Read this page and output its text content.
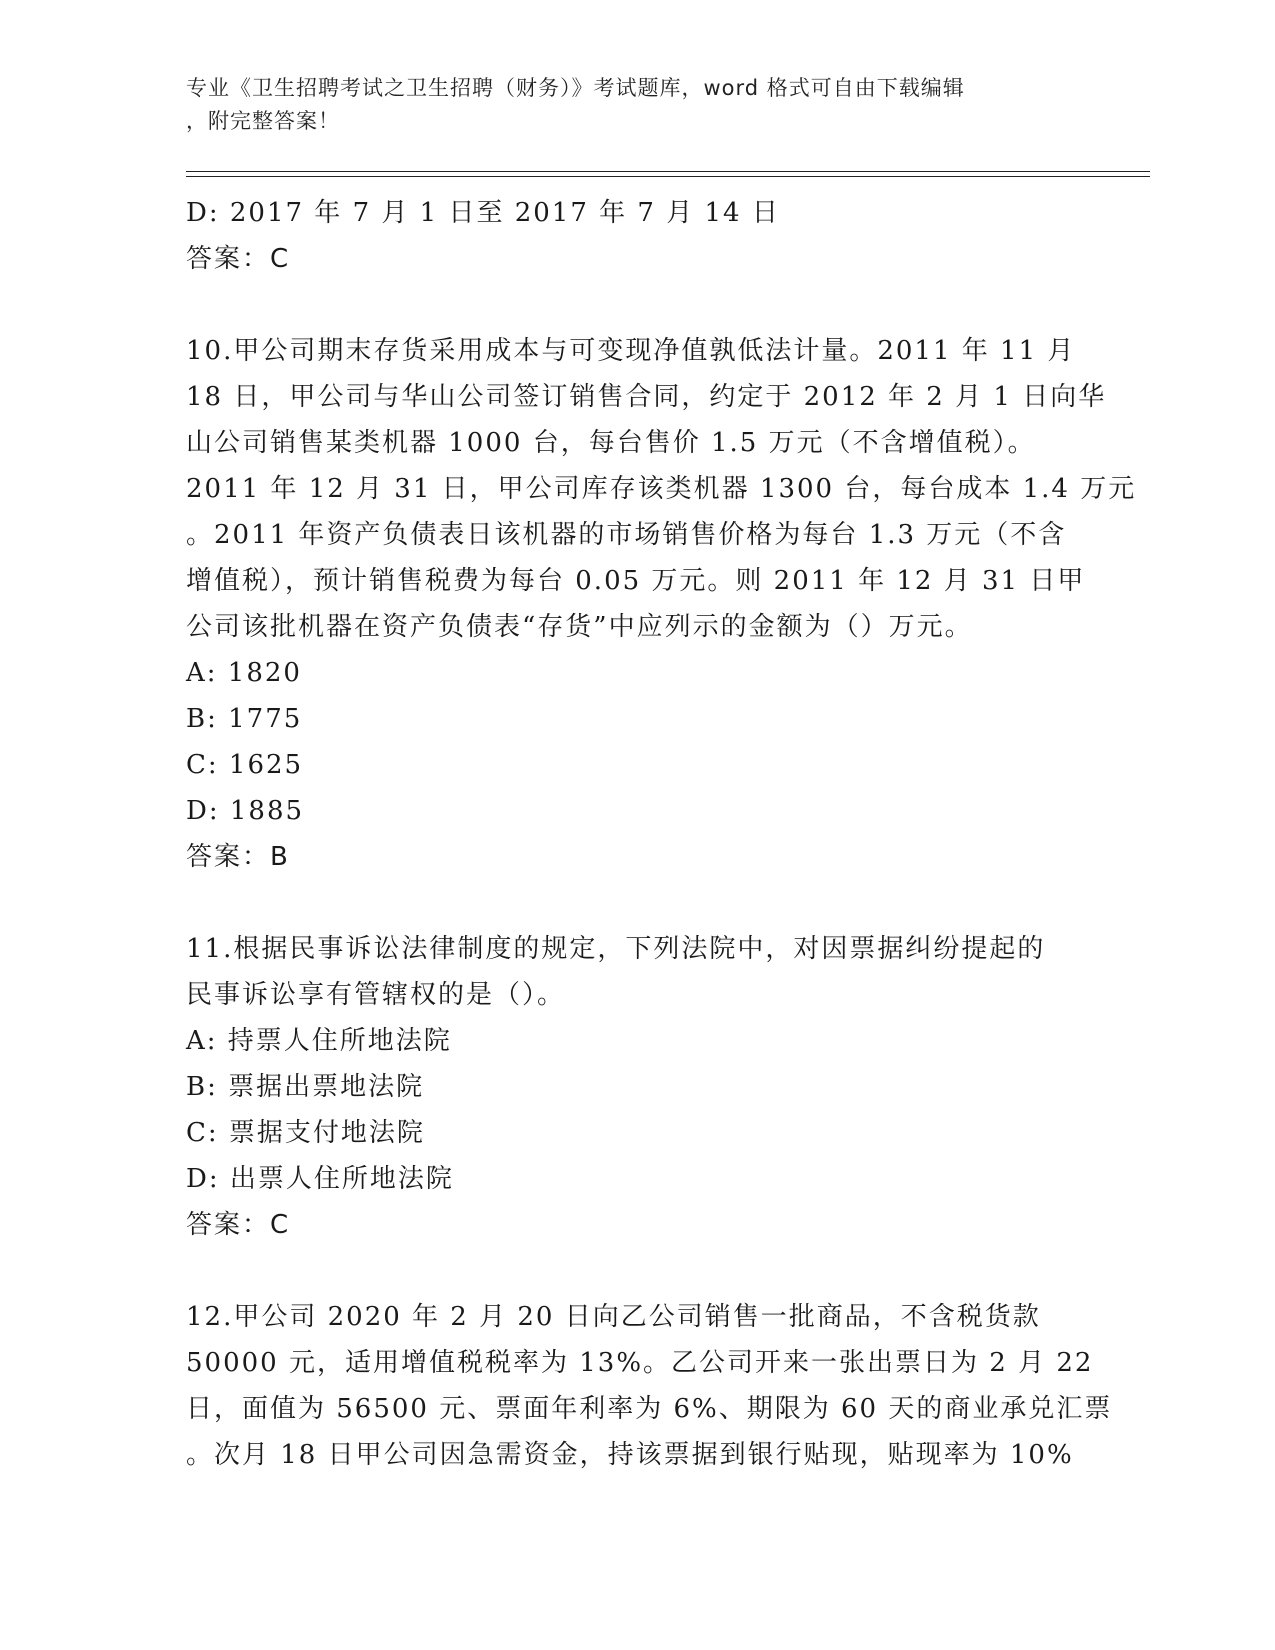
专业《卫生招聘考试之卫生招聘（财务）》考试题库，word 格式可自由下载编辑
，附完整答案！
D: 2017 年 7 月 1 日至 2017 年 7 月 14 日
答案：C
10.甲公司期末存货采用成本与可变现净值孰低法计量。2011 年 11 月
18 日，甲公司与华山公司签订销售合同，约定于 2012 年 2 月 1 日向华
山公司销售某类机器 1000 台，每台售价 1.5 万元（不含增值税）。
2011 年 12 月 31 日，甲公司库存该类机器 1300 台，每台成本 1.4 万元
。2011 年资产负债表日该机器的市场销售价格为每台 1.3 万元（不含
增值税），预计销售税费为每台 0.05 万元。则 2011 年 12 月 31 日甲
公司该批机器在资产负债表“存货”中应列示的金额为（）万元。
A: 1820
B: 1775
C: 1625
D: 1885
答案：B
11.根据民事诉讼法律制度的规定，下列法院中，对因票据纠纷提起的
民事诉讼享有管辖权的是（）。
A: 持票人住所地法院
B: 票据出票地法院
C: 票据支付地法院
D: 出票人住所地法院
答案：C
12.甲公司 2020 年 2 月 20 日向乙公司销售一批商品，不含税货款
50000 元，适用增值税税率为 13%。乙公司开来一张出票日为 2 月 22
日，面值为 56500 元、票面年利率为 6%、期限为 60 天的商业承兑汇票
。次月 18 日甲公司因急需资金，持该票据到银行贴现，贴现率为 10%
